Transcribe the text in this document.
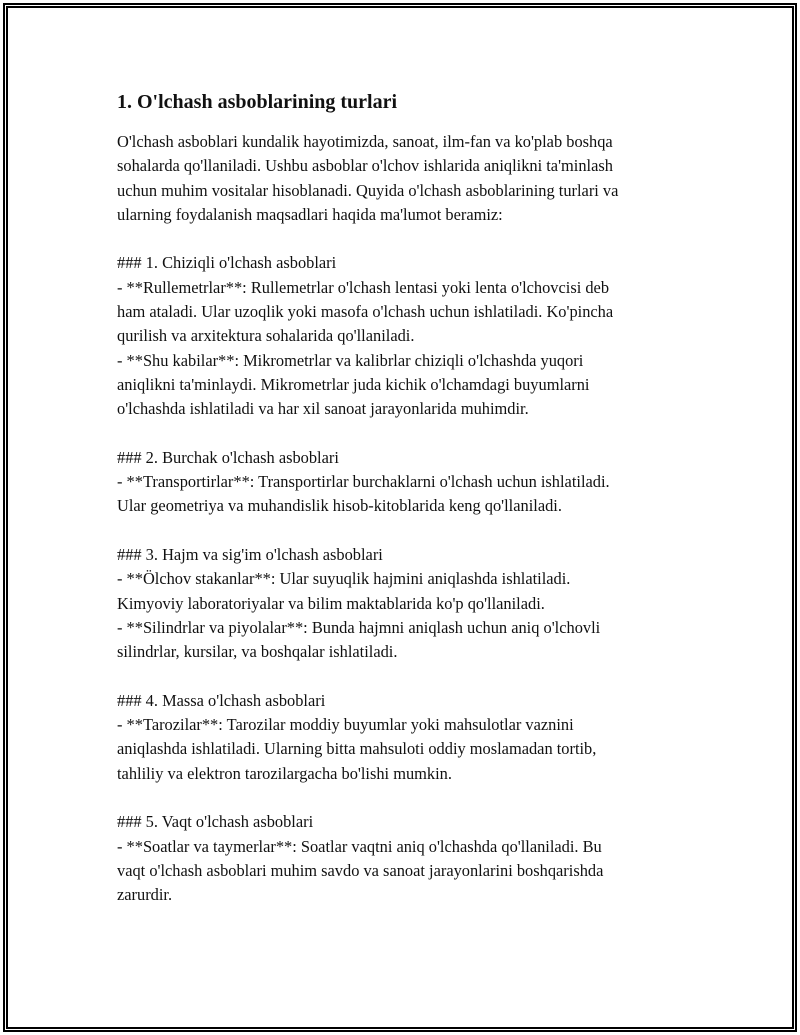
1. O'lchash asboblarining turlari
O'lchash asboblari kundalik hayotimizda, sanoat, ilm-fan va ko'plab boshqa
sohalarda qo'llaniladi. Ushbu asboblar o'lchov ishlarida aniqlikni ta'minlash
uchun muhim vositalar hisoblanadi. Quyida o'lchash asboblarining turlari va
ularning foydalanish maqsadlari haqida ma'lumot beramiz:
### 1. Chiziqli o'lchash asboblari
- **Rullemetrlar**: Rullemetrlar o'lchash lentasi yoki lenta o'lchovcisi deb
ham ataladi. Ular uzoqlik yoki masofa o'lchash uchun ishlatiladi. Ko'pincha
qurilish va arxitektura sohalarida qo'llaniladi.
- **Shu kabilar**: Mikrometrlar va kalibrlar chiziqli o'lchashda yuqori
aniqlikni ta'minlaydi. Mikrometrlar juda kichik o'lchamdagi buyumlarni
o'lchashda ishlatiladi va har xil sanoat jarayonlarida muhimdir.
### 2. Burchak o'lchash asboblari
- **Transportirlar**: Transportirlar burchaklarni o'lchash uchun ishlatiladi.
Ular geometriya va muhandislik hisob-kitoblarida keng qo'llaniladi.
### 3. Hajm va sig'im o'lchash asboblari
- **Ölchov stakanlar**: Ular suyuqlik hajmini aniqlashda ishlatiladi.
Kimyoviy laboratoriyalar va bilim maktablarida ko'p qo'llaniladi.
- **Silindrlar va piyolalar**: Bunda hajmni aniqlash uchun aniq o'lchovli
silindrlar, kursilar, va boshqalar ishlatiladi.
### 4. Massa o'lchash asboblari
- **Tarozilar**: Tarozilar moddiy buyumlar yoki mahsulotlar vaznini
aniqlashda ishlatiladi. Ularning bitta mahsuloti oddiy moslamadan tortib,
tahliliy va elektron tarozilargacha bo'lishi mumkin.
### 5. Vaqt o'lchash asboblari
- **Soatlar va taymerlar**: Soatlar vaqtni aniq o'lchashda qo'llaniladi. Bu
vaqt o'lchash asboblari muhim savdo va sanoat jarayonlarini boshqarishda
zarurdir.
